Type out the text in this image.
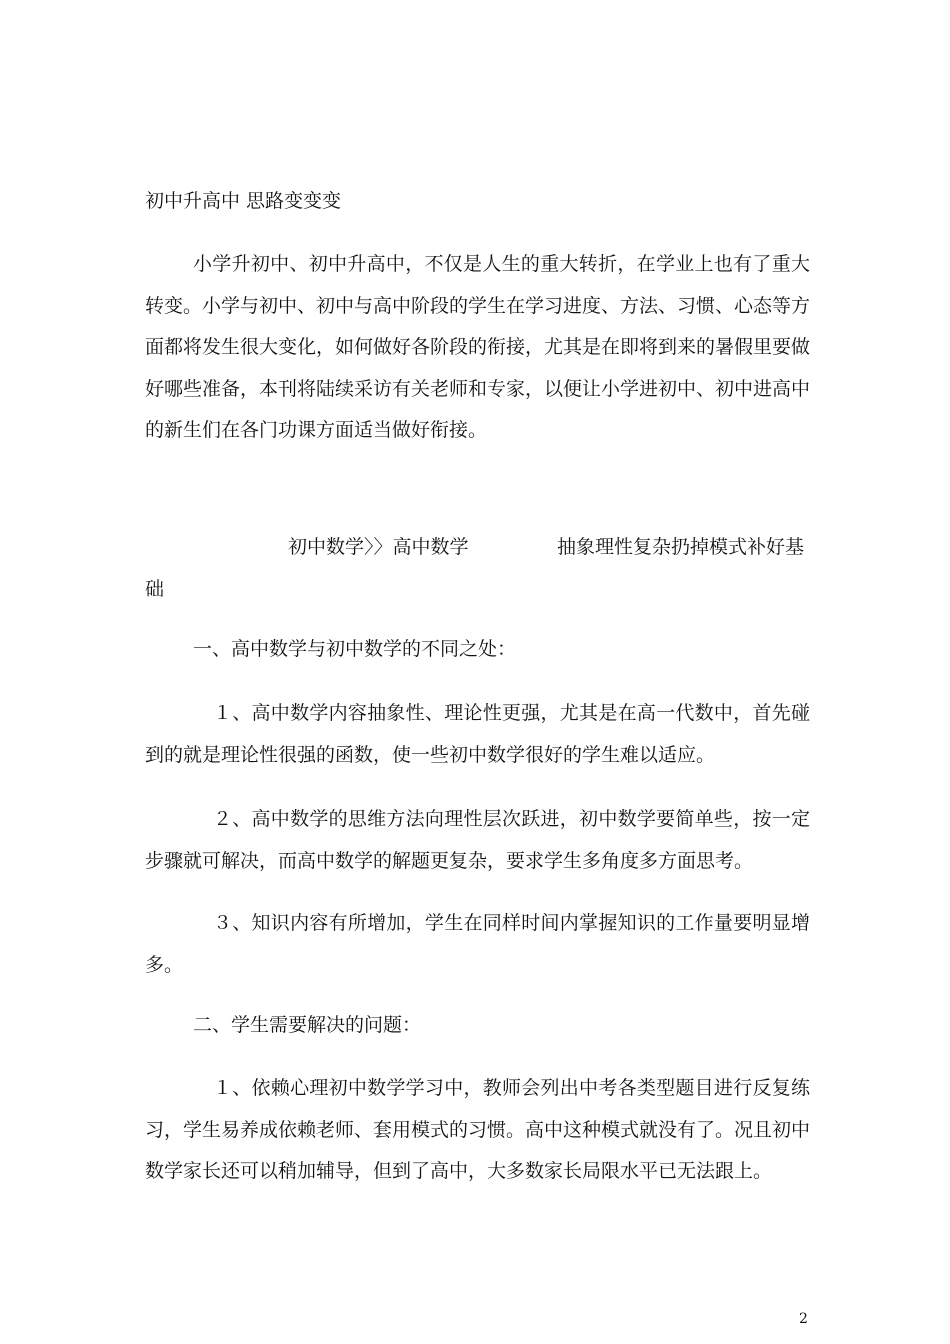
初中升高中 思路变变变
小学升初中、初中升高中，不仅是人生的重大转折，在学业上也有了重大转变。小学与初中、初中与高中阶段的学生在学习进度、方法、习惯、心态等方面都将发生很大变化，如何做好各阶段的衔接，尤其是在即将到来的暑假里要做好哪些准备，本刊将陆续采访有关老师和专家，以便让小学进初中、初中进高中的新生们在各门功课方面适当做好衔接。
初中数学〉〉高中数学	抽象理性复杂扔掉模式补好基
础
一、高中数学与初中数学的不同之处：
１、高中数学内容抽象性、理论性更强，尤其是在高一代数中，首先碰到的就是理论性很强的函数，使一些初中数学很好的学生难以适应。
２、高中数学的思维方法向理性层次跃进，初中数学要简单些，按一定步骤就可解决，而高中数学的解题更复杂，要求学生多角度多方面思考。
３、知识内容有所增加，学生在同样时间内掌握知识的工作量要明显增多。
二、学生需要解决的问题：
１、依赖心理初中数学学习中，教师会列出中考各类型题目进行反复练习，学生易养成依赖老师、套用模式的习惯。高中这种模式就没有了。况且初中数学家长还可以稍加辅导，但到了高中，大多数家长局限水平已无法跟上。
2
